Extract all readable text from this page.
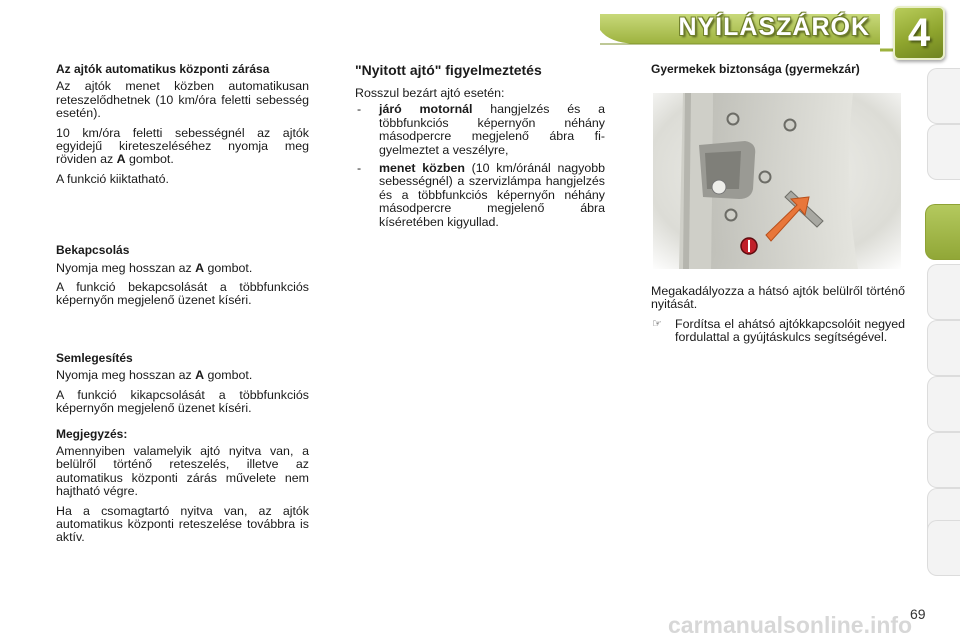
NYÍLÁSZÁRÓK 4
Az ajtók automatikus központi zárása

Az ajtók menet közben automatikusan reteszelődhetnek (10 km/óra feletti sebesség esetén).

10 km/óra feletti sebességnél az ajtók egyidejű kireteszeléséhez nyomja meg röviden az A gombot.

A funkció kiiktatható.

Bekapcsolás

Nyomja meg hosszan az A gombot.

A funkció bekapcsolását a többfunkciós képernyőn megjelenő üzenet kíséri.

Semlegesítés

Nyomja meg hosszan az A gombot.

A funkció kikapcsolását a többfunkciós képernyőn megjelenő üzenet kíséri.

Megjegyzés:

Amennyiben valamelyik ajtó nyitva van, a belülről történő reteszelés, illetve az automatikus központi zárás művelete nem hajtható végre.

Ha a csomagtartó nyitva van, az ajtók automatikus központi reteszelése továbbra is aktív.

"Nyitott ajtó" figyelmeztetés

Rosszul bezárt ajtó esetén:

- járó motornál hangjelzés és a többfunkciós képernyőn néhány másodpercre megjelenő ábra figyelmeztet a veszélyre,
- menet közben (10 km/óránál nagyobb sebességnél) a szervizlámpa hangjelzés és a többfunkciós képernyőn néhány másodpercre megjelenő ábra kíséretében kigyullad.
Gyermekek biztonsága (gyermekzár)

Megakadályozza a hátsó ajtók belülről történő nyitását.

☞ Fordítsa el ahátsó ajtókkapcsolóit negyed fordulattal a gyújtáskulcs segítségével.
carmanualsonline.info
69
